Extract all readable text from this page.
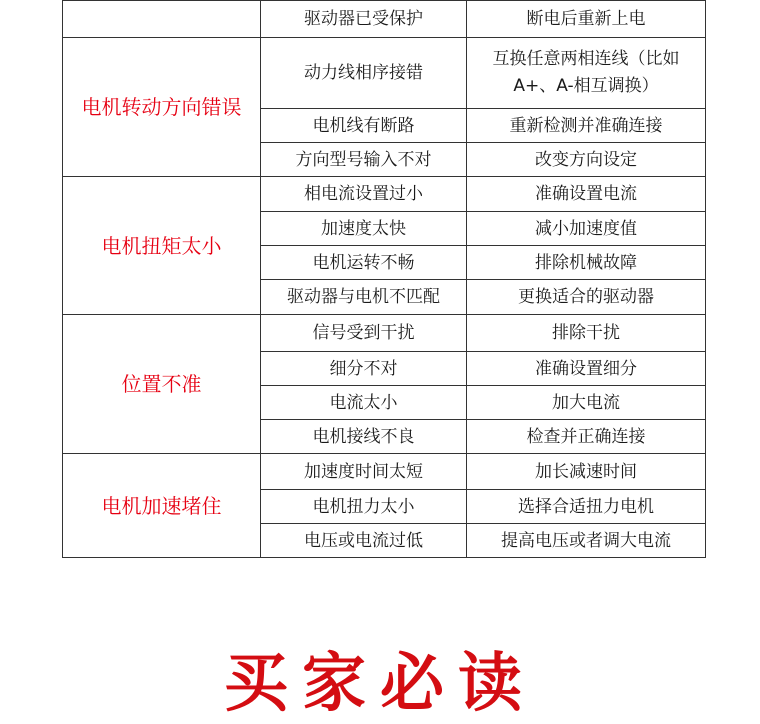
	驱动器已受保护	断电后重新上电
电机转动方向错误	动力线相序接错	互换任意两相连线（比如A+、A-相互调换）
	电机线有断路	重新检测并准确连接
	方向型号输入不对	改变方向设定
电机扭矩太小	相电流设置过小	准确设置电流
	加速度太快	减小加速度值
	电机运转不畅	排除机械故障
	驱动器与电机不匹配	更换适合的驱动器
位置不准	信号受到干扰	排除干扰
	细分不对	准确设置细分
	电流太小	加大电流
	电机接线不良	检查并正确连接
电机加速堵住	加速度时间太短	加长减速时间
	电机扭力太小	选择合适扭力电机
	电压或电流过低	提高电压或者调大电流
买家必读
